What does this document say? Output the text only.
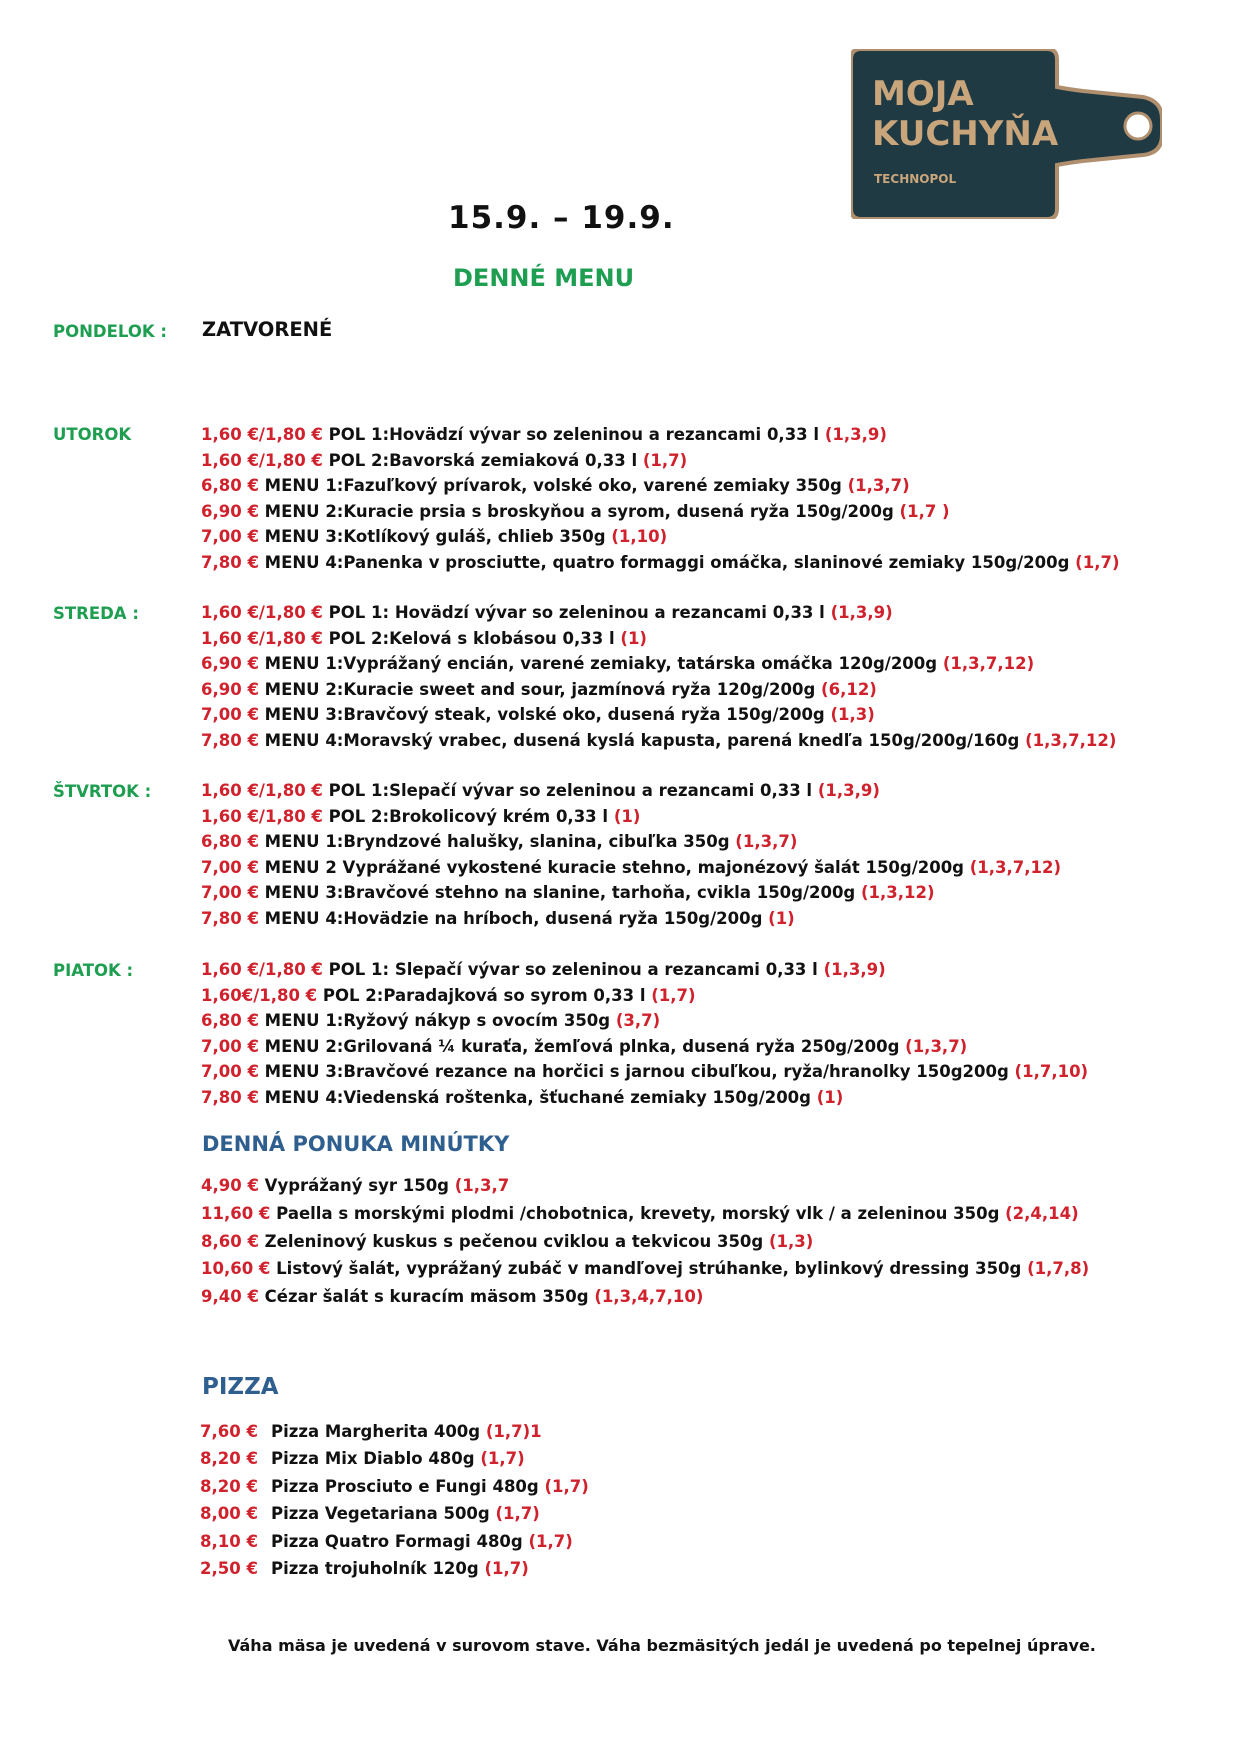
MOJA
KUCHYŇA
TECHNOPOL
15.9. – 19.9.
DENNÉ MENU
PONDELOK : ZATVORENÉ
UTOROK	1,60 €/1,80 € POL 1:Hovädzí vývar so zeleninou a rezancami 0,33 l (1,3,9)
1,60 €/1,80 € POL 2:Bavorská zemiaková 0,33 l (1,7)
6,80 € MENU 1:Fazuľkový prívarok, volské oko, varené zemiaky 350g (1,3,7)
6,90 € MENU 2:Kuracie prsia s broskyňou a syrom, dusená ryža 150g/200g (1,7 )
7,00 € MENU 3:Kotlíkový guláš, chlieb 350g (1,10)
7,80 € MENU 4:Panenka v prosciutte, quatro formaggi omáčka, slaninové zemiaky 150g/200g (1,7)
STREDA :	1,60 €/1,80 € POL 1: Hovädzí vývar so zeleninou a rezancami 0,33 l (1,3,9)
1,60 €/1,80 € POL 2:Kelová s klobásou 0,33 l (1)
6,90 € MENU 1:Vyprážaný encián, varené zemiaky, tatárska omáčka 120g/200g (1,3,7,12)
6,90 € MENU 2:Kuracie sweet and sour, jazmínová ryža 120g/200g (6,12)
7,00 € MENU 3:Bravčový steak, volské oko, dusená ryža 150g/200g (1,3)
7,80 € MENU 4:Moravský vrabec, dusená kyslá kapusta, parená knedľa 150g/200g/160g (1,3,7,12)
ŠTVRTOK :	1,60 €/1,80 € POL 1:Slepačí vývar so zeleninou a rezancami 0,33 l (1,3,9)
1,60 €/1,80 € POL 2:Brokolicový krém 0,33 l (1)
6,80 € MENU 1:Bryndzové halušky, slanina, cibuľka 350g (1,3,7)
7,00 € MENU 2 Vyprážané vykostené kuracie stehno, majonézový šalát 150g/200g (1,3,7,12)
7,00 € MENU 3:Bravčové stehno na slanine, tarhoňa, cvikla 150g/200g (1,3,12)
7,80 € MENU 4:Hovädzie na hríboch, dusená ryža 150g/200g (1)
PIATOK :	1,60 €/1,80 € POL 1: Slepačí vývar so zeleninou a rezancami 0,33 l (1,3,9)
1,60€/1,80 € POL 2:Paradajková so syrom 0,33 l (1,7)
6,80 € MENU 1:Ryžový nákyp s ovocím 350g (3,7)
7,00 € MENU 2:Grilovaná ¼ kuraťa, žemľová plnka, dusená ryža 250g/200g (1,3,7)
7,00 € MENU 3:Bravčové rezance na horčici s jarnou cibuľkou, ryža/hranolky 150g200g (1,7,10)
7,80 € MENU 4:Viedenská roštenka, šťuchané zemiaky 150g/200g (1)
DENNÁ PONUKA MINÚTKY
4,90 € Vyprážaný syr 150g (1,3,7
11,60 € Paella s morskými plodmi /chobotnica, krevety, morský vlk / a zeleninou 350g (2,4,14)
8,60 € Zeleninový kuskus s pečenou cviklou a tekvicou 350g (1,3)
10,60 € Listový šalát, vyprážaný zubáč v mandľovej strúhanke, bylinkový dressing 350g (1,7,8)
9,40 € Cézar šalát s kuracím mäsom 350g (1,3,4,7,10)
PIZZA
7,60 € Pizza Margherita 400g (1,7)1
8,20 € Pizza Mix Diablo 480g (1,7)
8,20 € Pizza Prosciuto e Fungi 480g (1,7)
8,00 € Pizza Vegetariana 500g (1,7)
8,10 € Pizza Quatro Formagi 480g (1,7)
2,50 € Pizza trojuholník 120g (1,7)
Váha mäsa je uvedená v surovom stave. Váha bezmäsitých jedál je uvedená po tepelnej úprave.
